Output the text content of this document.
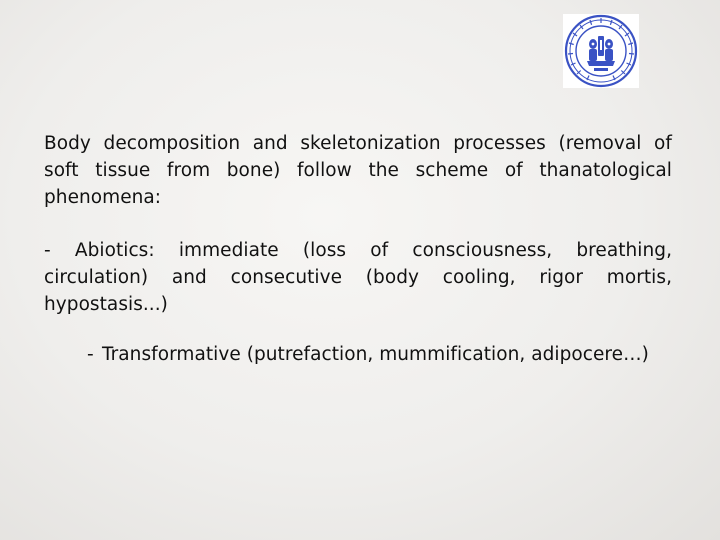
Body decomposition and skeletonization processes (removal of soft tissue from bone) follow the scheme of thanatological phenomena:

- Abiotics: immediate (loss of consciousness, breathing, circulation) and consecutive (body cooling, rigor mortis, hypostasis...)

- Transformative (putrefaction, mummification, adipocere…)
